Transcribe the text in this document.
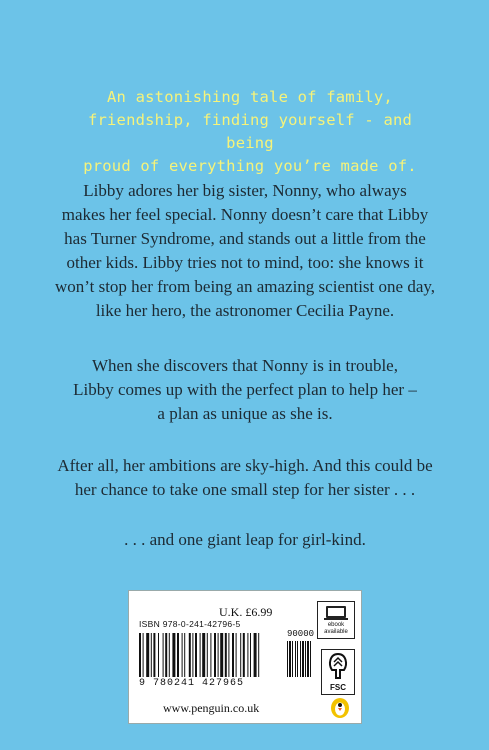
An astonishing tale of family,
friendship, finding yourself - and being
proud of everything you’re made of.
Libby adores her big sister, Nonny, who always
makes her feel special. Nonny doesn’t care that Libby
has Turner Syndrome, and stands out a little from the
other kids. Libby tries not to mind, too: she knows it
won’t stop her from being an amazing scientist one day,
like her hero, the astronomer Cecilia Payne.
When she discovers that Nonny is in trouble,
Libby comes up with the perfect plan to help her –
a plan as unique as she is.
After all, her ambitions are sky-high. And this could be
her chance to take one small step for her sister . . .
. . . and one giant leap for girl-kind.
U.K. £6.99
ISBN 978-0-241-42796-5
9 780241 427965
90000
ebook available
FSC
www.penguin.co.uk
